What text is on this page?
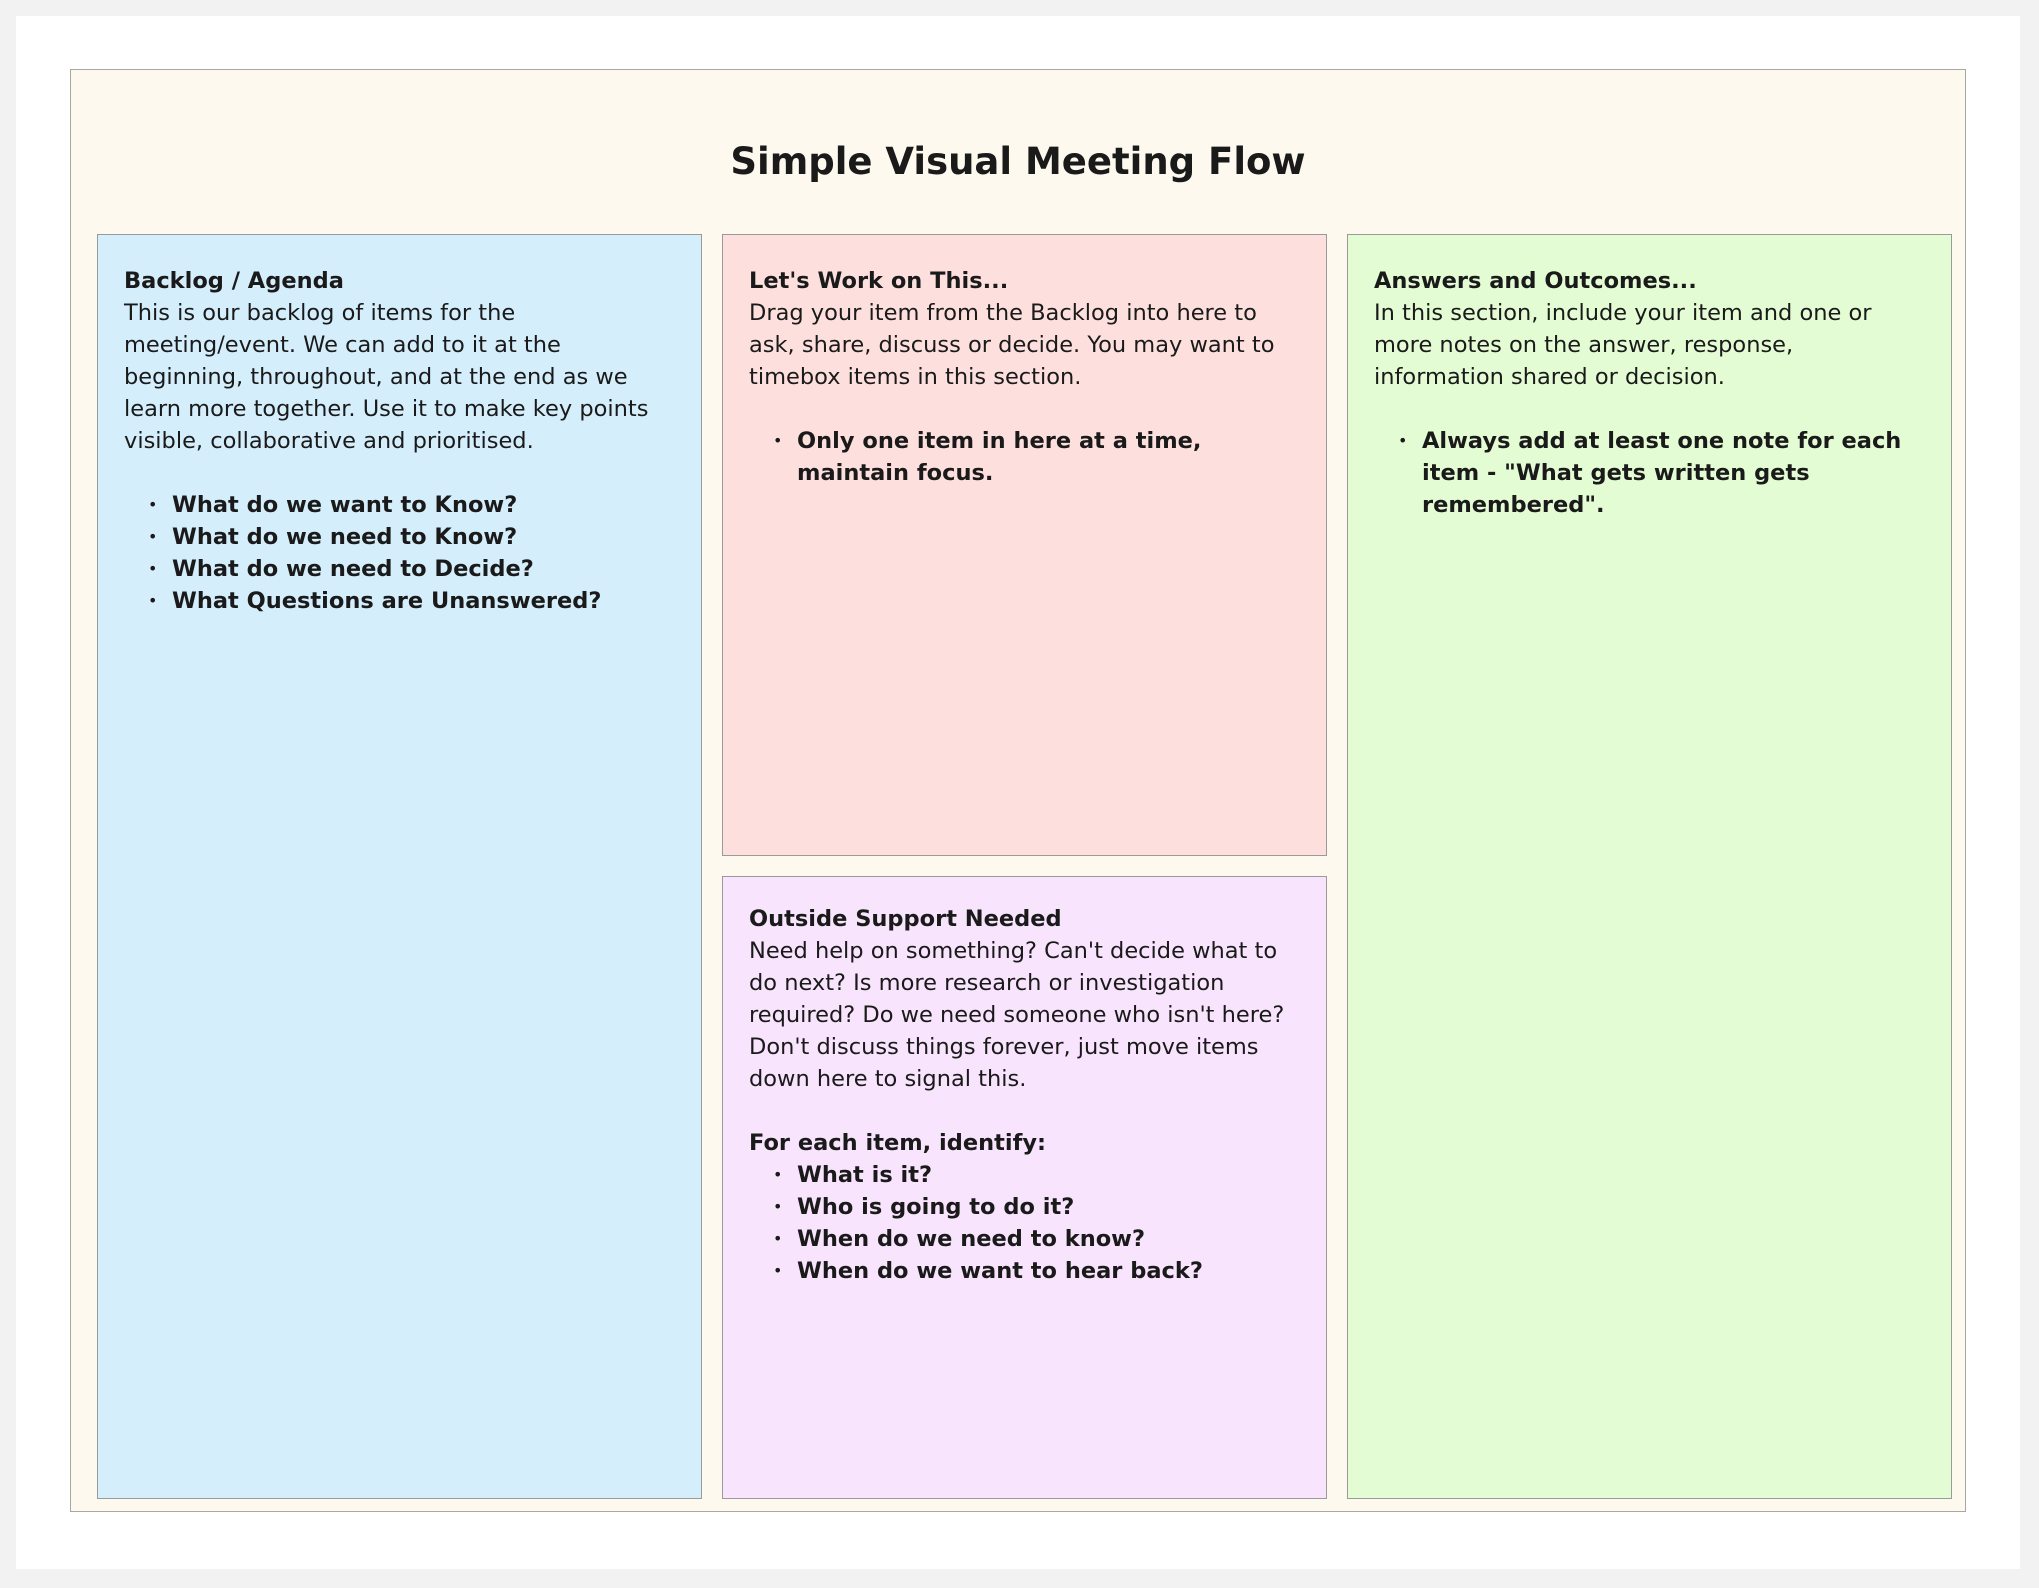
Simple Visual Meeting Flow

Backlog / Agenda

This is our backlog of items for the meeting/event. We can add to it at the beginning, throughout, and at the end as we learn more together. Use it to make key points visible, collaborative and prioritised.

• What do we want to Know?
• What do we need to Know?
• What do we need to Decide?
• What Questions are Unanswered?

Let's Work on This...

Drag your item from the Backlog into here to ask, share, discuss or decide. You may want to timebox items in this section.

• Only one item in here at a time, maintain focus.

Outside Support Needed

Need help on something? Can't decide what to do next? Is more research or investigation required? Do we need someone who isn't here? Don't discuss things forever, just move items down here to signal this.

For each item, identify:

• What is it?
• Who is going to do it?
• When do we need to know?
• When do we want to hear back?

Answers and Outcomes...

In this section, include your item and one or more notes on the answer, response, information shared or decision.

• Always add at least one note for each item - "What gets written gets remembered".
